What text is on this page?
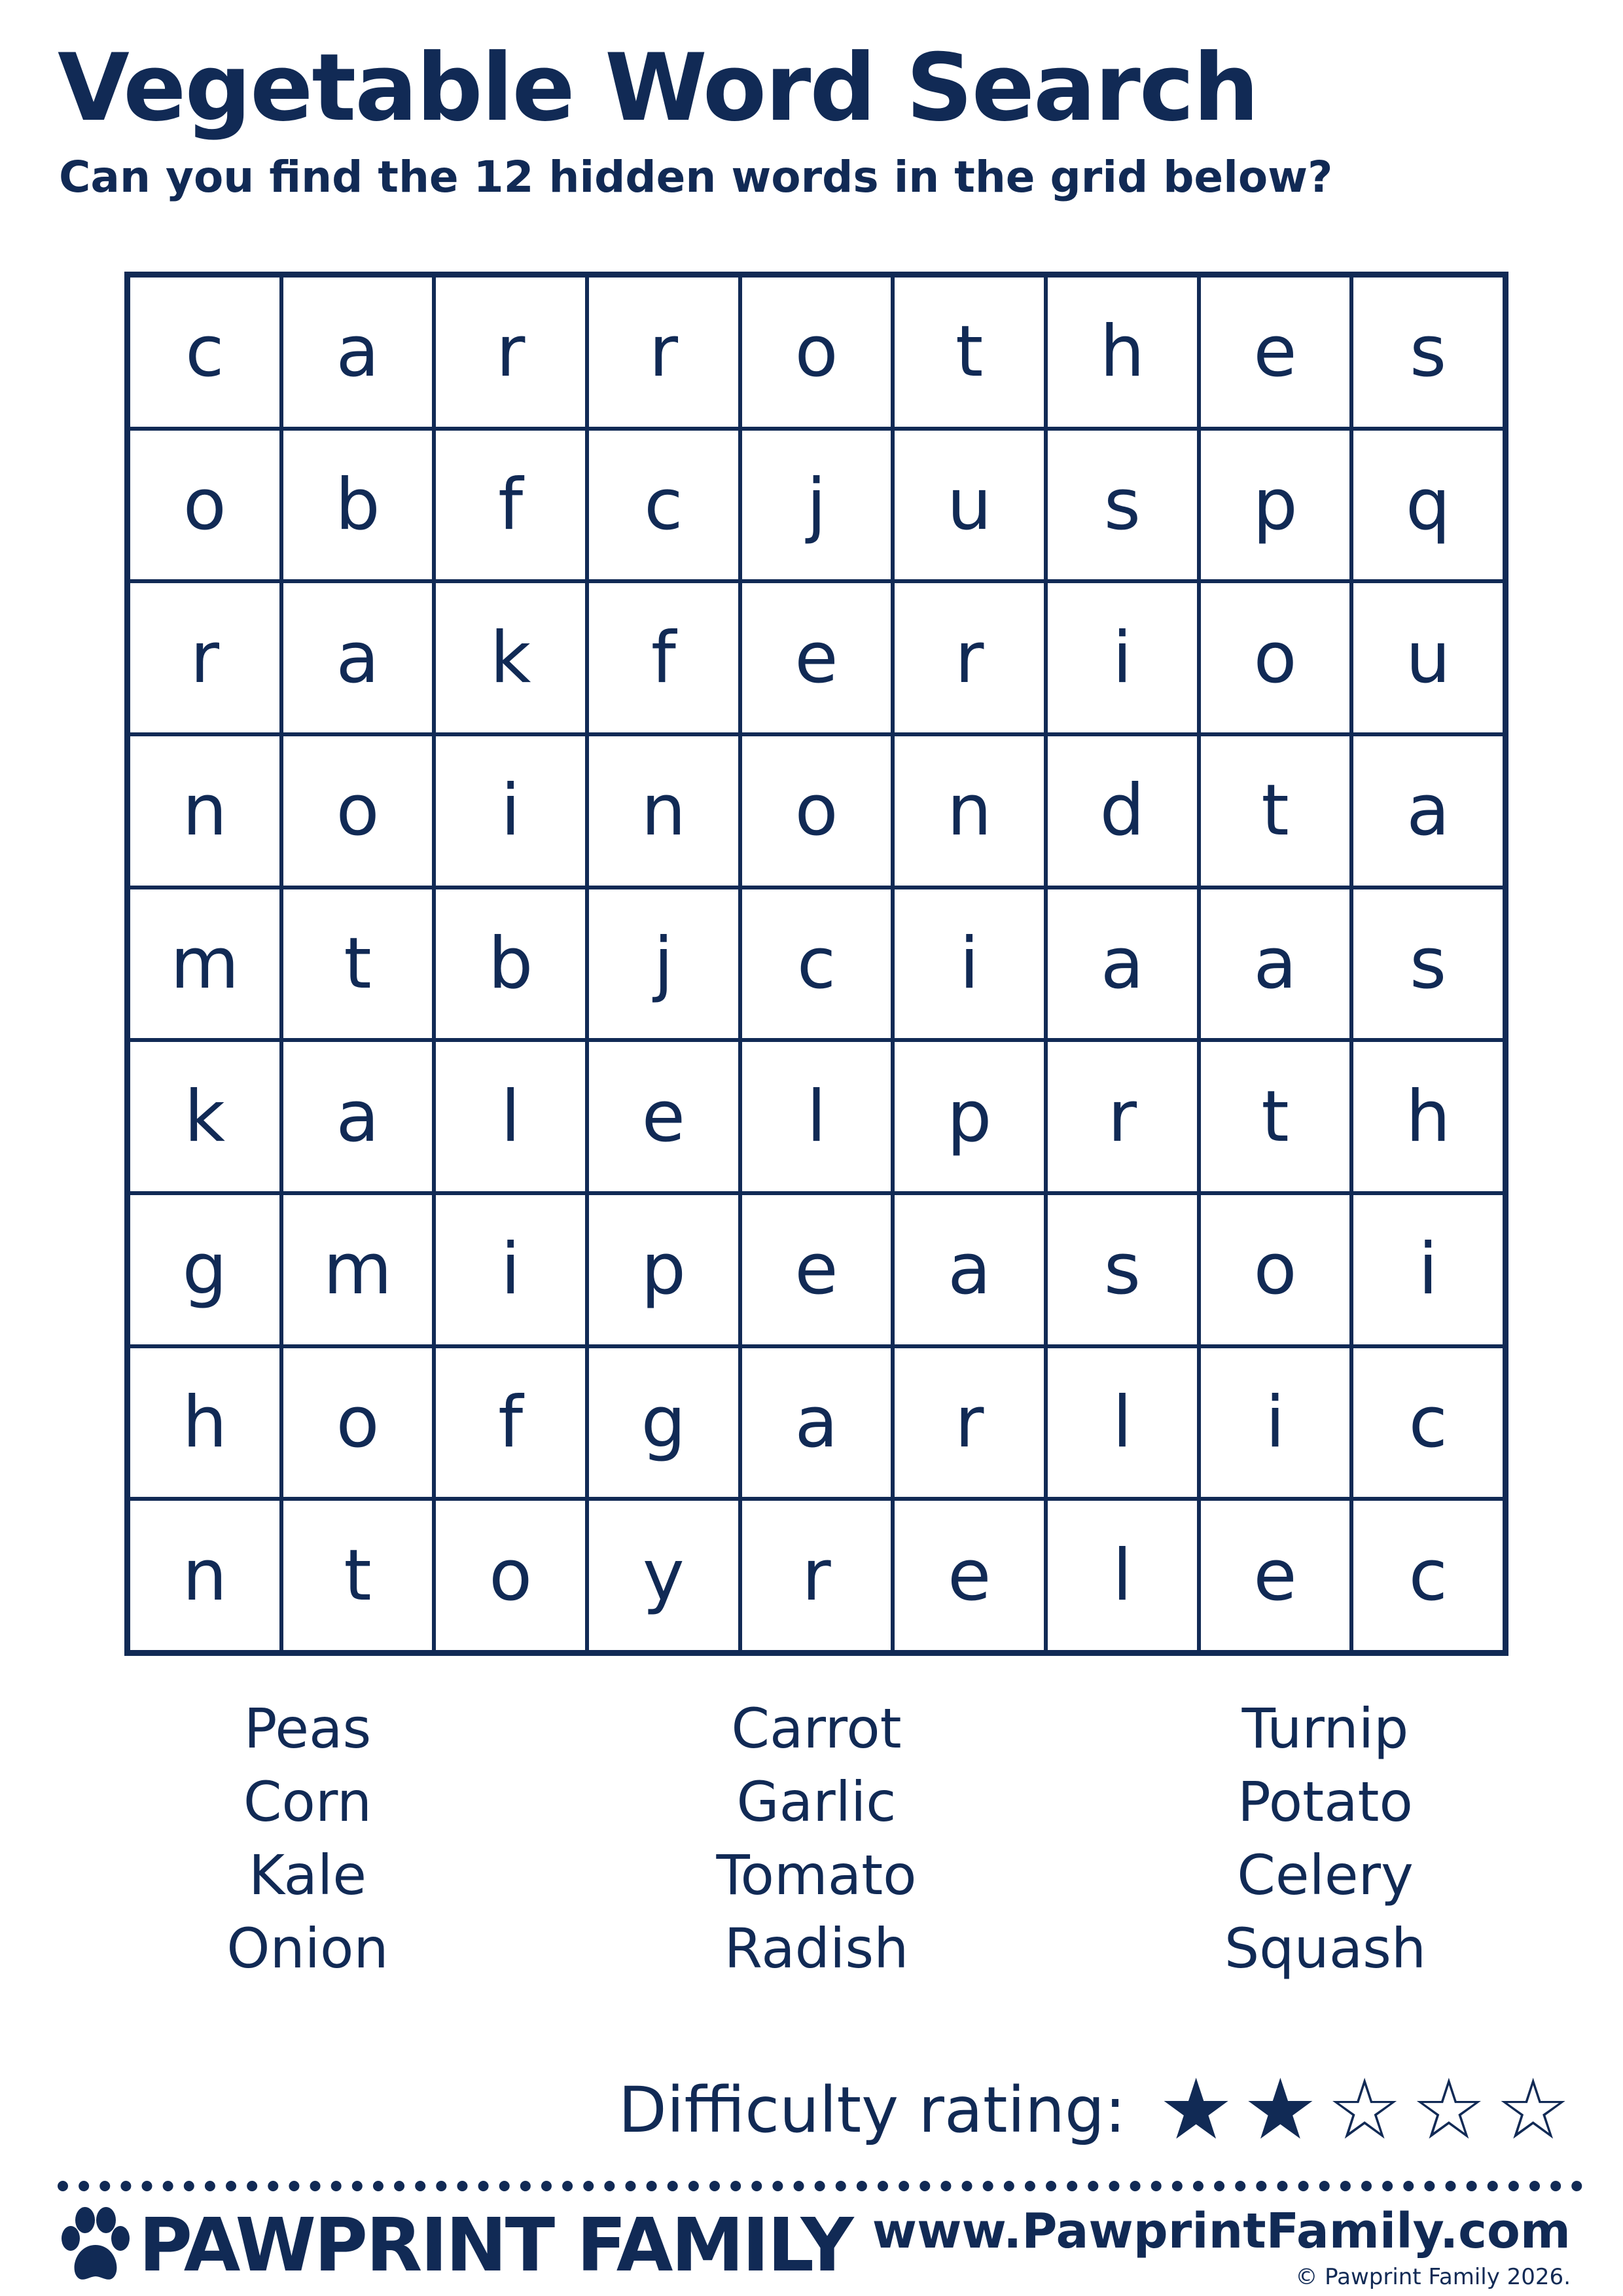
Vegetable Word Search
Can you find the 12 hidden words in the grid below?
c	a	r	r	o	t	h	e	s
o	b	f	c	j	u	s	p	q
r	a	k	f	e	r	i	o	u
n	o	i	n	o	n	d	t	a
m	t	b	j	c	i	a	a	s
k	a	l	e	l	p	r	t	h
g	m	i	p	e	a	s	o	i
h	o	f	g	a	r	l	i	c
n	t	o	y	r	e	l	e	c
Peas
Corn
Kale
Onion
Carrot
Garlic
Tomato
Radish
Turnip
Potato
Celery
Squash
Difficulty rating: ★ ★ ☆ ☆ ☆
PAWPRINT FAMILY www.PawprintFamily.com
© Pawprint Family 2026.
